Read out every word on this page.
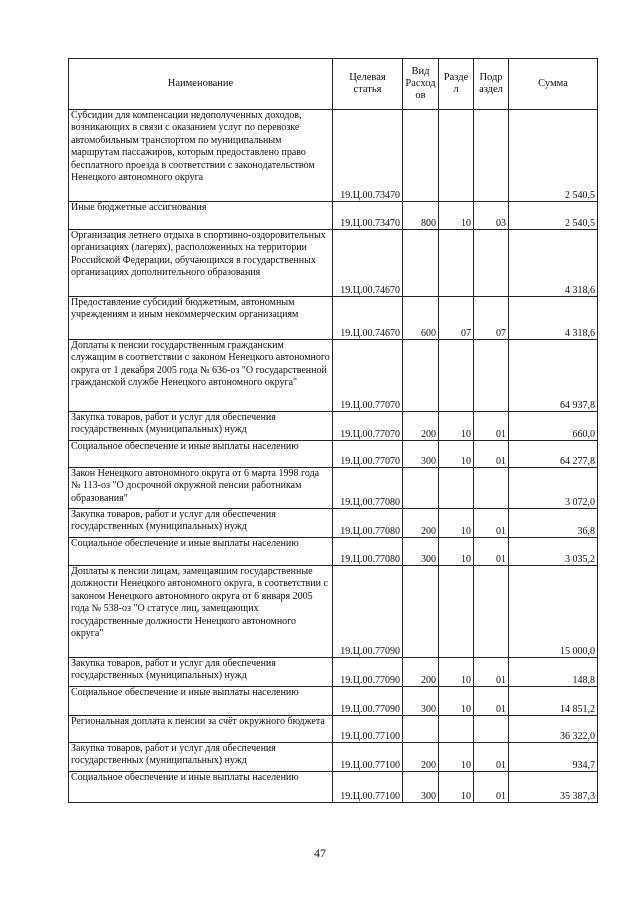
Наименование	Целевая статья	Вид Расход ов	Разде л	Подр аздел	Сумма
Субсидии для компенсации недополученных доходов, возникающих в связи с оказанием услуг по перевозке автомобильным транспортом по муниципальным маршрутам пассажиров, которым предоставлено право бесплатного проезда в соответствии с законодательством Ненецкого автономного округа	19.Ц.00.73470				2 540,5
Иные бюджетные ассигнования	19.Ц.00.73470	800	10	03	2 540,5
Организация летнего отдыха в спортивно-оздоровительных организациях (лагерях), расположенных на территории Российской Федерации, обучающихся в государственных организациях дополнительного образования	19.Ц.00.74670				4 318,6
Предоставление субсидий бюджетным, автономным учреждениям и иным некоммерческим организациям	19.Ц.00.74670	600	07	07	4 318,6
Доплаты к пенсии государственным гражданским служащим в соответствии с законом Ненецкого автономного округа от 1 декабря 2005 года № 636-оз "О государственной гражданской службе Ненецкого автономного округа"	19.Ц.00.77070				64 937,8
Закупка товаров, работ и услуг для обеспечения государственных (муниципальных) нужд	19.Ц.00.77070	200	10	01	660,0
Социальное обеспечение и иные выплаты населению	19.Ц.00.77070	300	10	01	64 277,8
Закон Ненецкого автономного округа от 6 марта 1998 года № 113-оз "О досрочной окружной пенсии работникам образования"	19.Ц.00.77080				3 072,0
Закупка товаров, работ и услуг для обеспечения государственных (муниципальных) нужд	19.Ц.00.77080	200	10	01	36,8
Социальное обеспечение и иные выплаты населению	19.Ц.00.77080	300	10	01	3 035,2
Доплаты к пенсии лицам, замещавшим государственные должности Ненецкого автономного округа, в соответствии с законом Ненецкого автономного округа от 6 января 2005 года № 538-оз "О статусе лиц, замещающих государственные должности Ненецкого автономного округа"	19.Ц.00.77090				15 000,0
Закупка товаров, работ и услуг для обеспечения государственных (муниципальных) нужд	19.Ц.00.77090	200	10	01	148,8
Социальное обеспечение и иные выплаты населению	19.Ц.00.77090	300	10	01	14 851,2
Региональная доплата к пенсии за счёт окружного бюджета	19.Ц.00.77100				36 322,0
Закупка товаров, работ и услуг для обеспечения государственных (муниципальных) нужд	19.Ц.00.77100	200	10	01	934,7
Социальное обеспечение и иные выплаты населению	19.Ц.00.77100	300	10	01	35 387,3
47
